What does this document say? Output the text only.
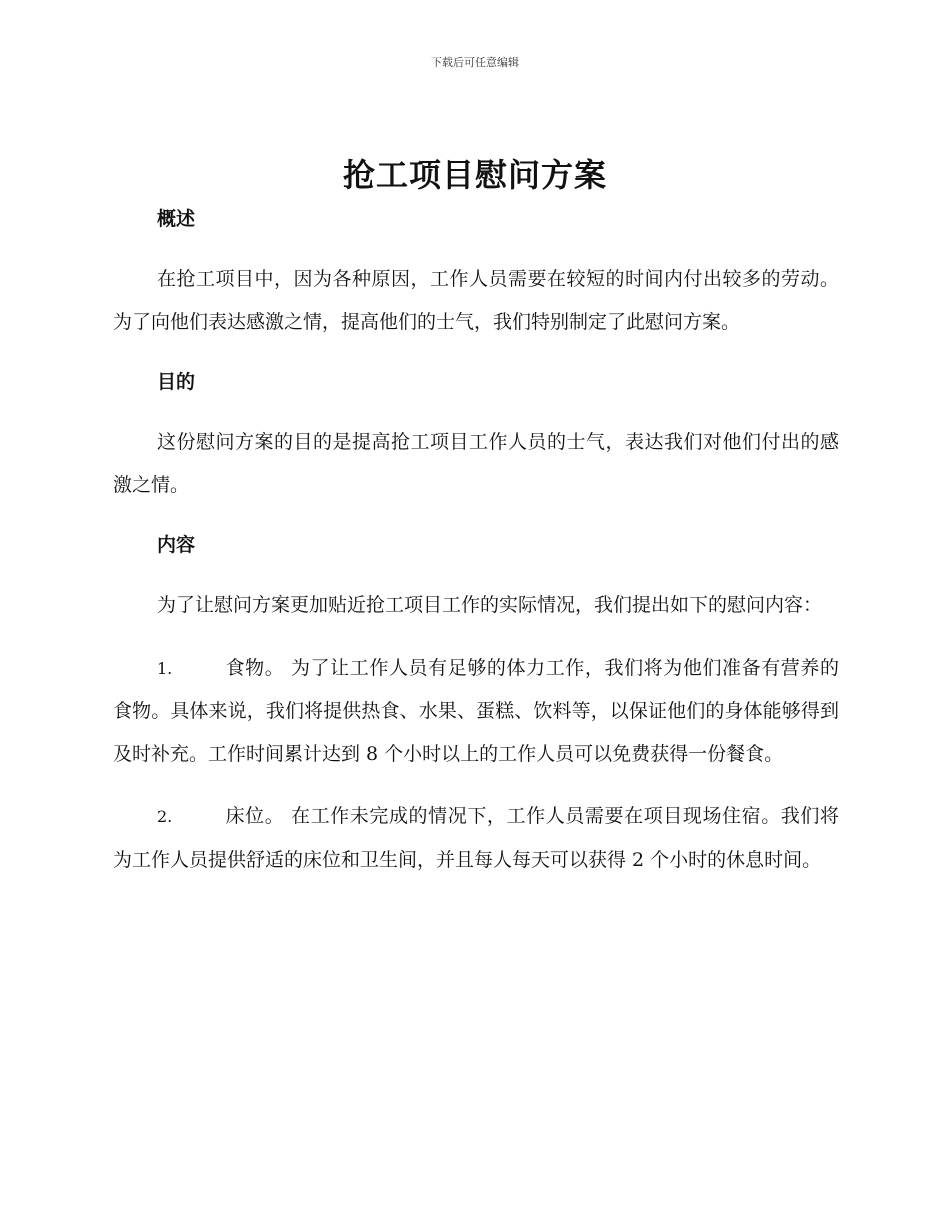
下载后可任意编辑
抢工项目慰问方案
概述

在抢工项目中，因为各种原因，工作人员需要在较短的时间内付出较多的劳动。为了向他们表达感激之情，提高他们的士气，我们特别制定了此慰问方案。

目的

这份慰问方案的目的是提高抢工项目工作人员的士气，表达我们对他们付出的感激之情。

内容

为了让慰问方案更加贴近抢工项目工作的实际情况，我们提出如下的慰问内容：

1.	食物。 为了让工作人员有足够的体力工作，我们将为他们准备有营养的食物。具体来说，我们将提供热食、水果、蛋糕、饮料等，以保证他们的身体能够得到及时补充。工作时间累计达到 8 个小时以上的工作人员可以免费获得一份餐食。

2.	床位。 在工作未完成的情况下，工作人员需要在项目现场住宿。我们将为工作人员提供舒适的床位和卫生间，并且每人每天可以获得 2 个小时的休息时间。
